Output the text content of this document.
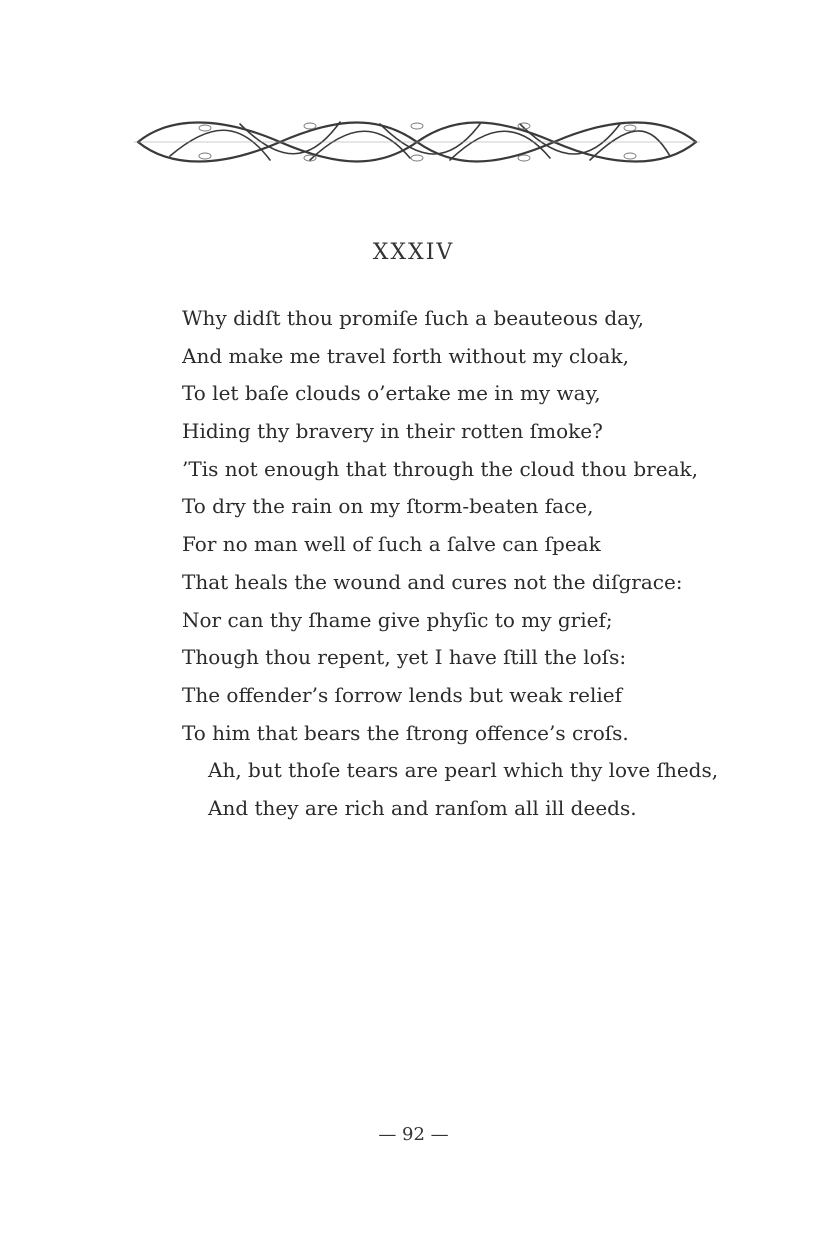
XXXIV
Why didſt thou promiſe ſuch a beauteous day,
And make me travel forth without my cloak,
To let baſe clouds o’ertake me in my way,
Hiding thy bravery in their rotten ſmoke?
’Tis not enough that through the cloud thou break,
To dry the rain on my ſtorm-beaten face,
For no man well of ſuch a ſalve can ſpeak
That heals the wound and cures not the diſgrace:
Nor can thy ſhame give phyſic to my grief;
Though thou repent, yet I have ſtill the loſs:
The offender’s ſorrow lends but weak relief
To him that bears the ſtrong offence’s croſs.
Ah, but thoſe tears are pearl which thy love ſheds,
And they are rich and ranſom all ill deeds.
— 92 —
